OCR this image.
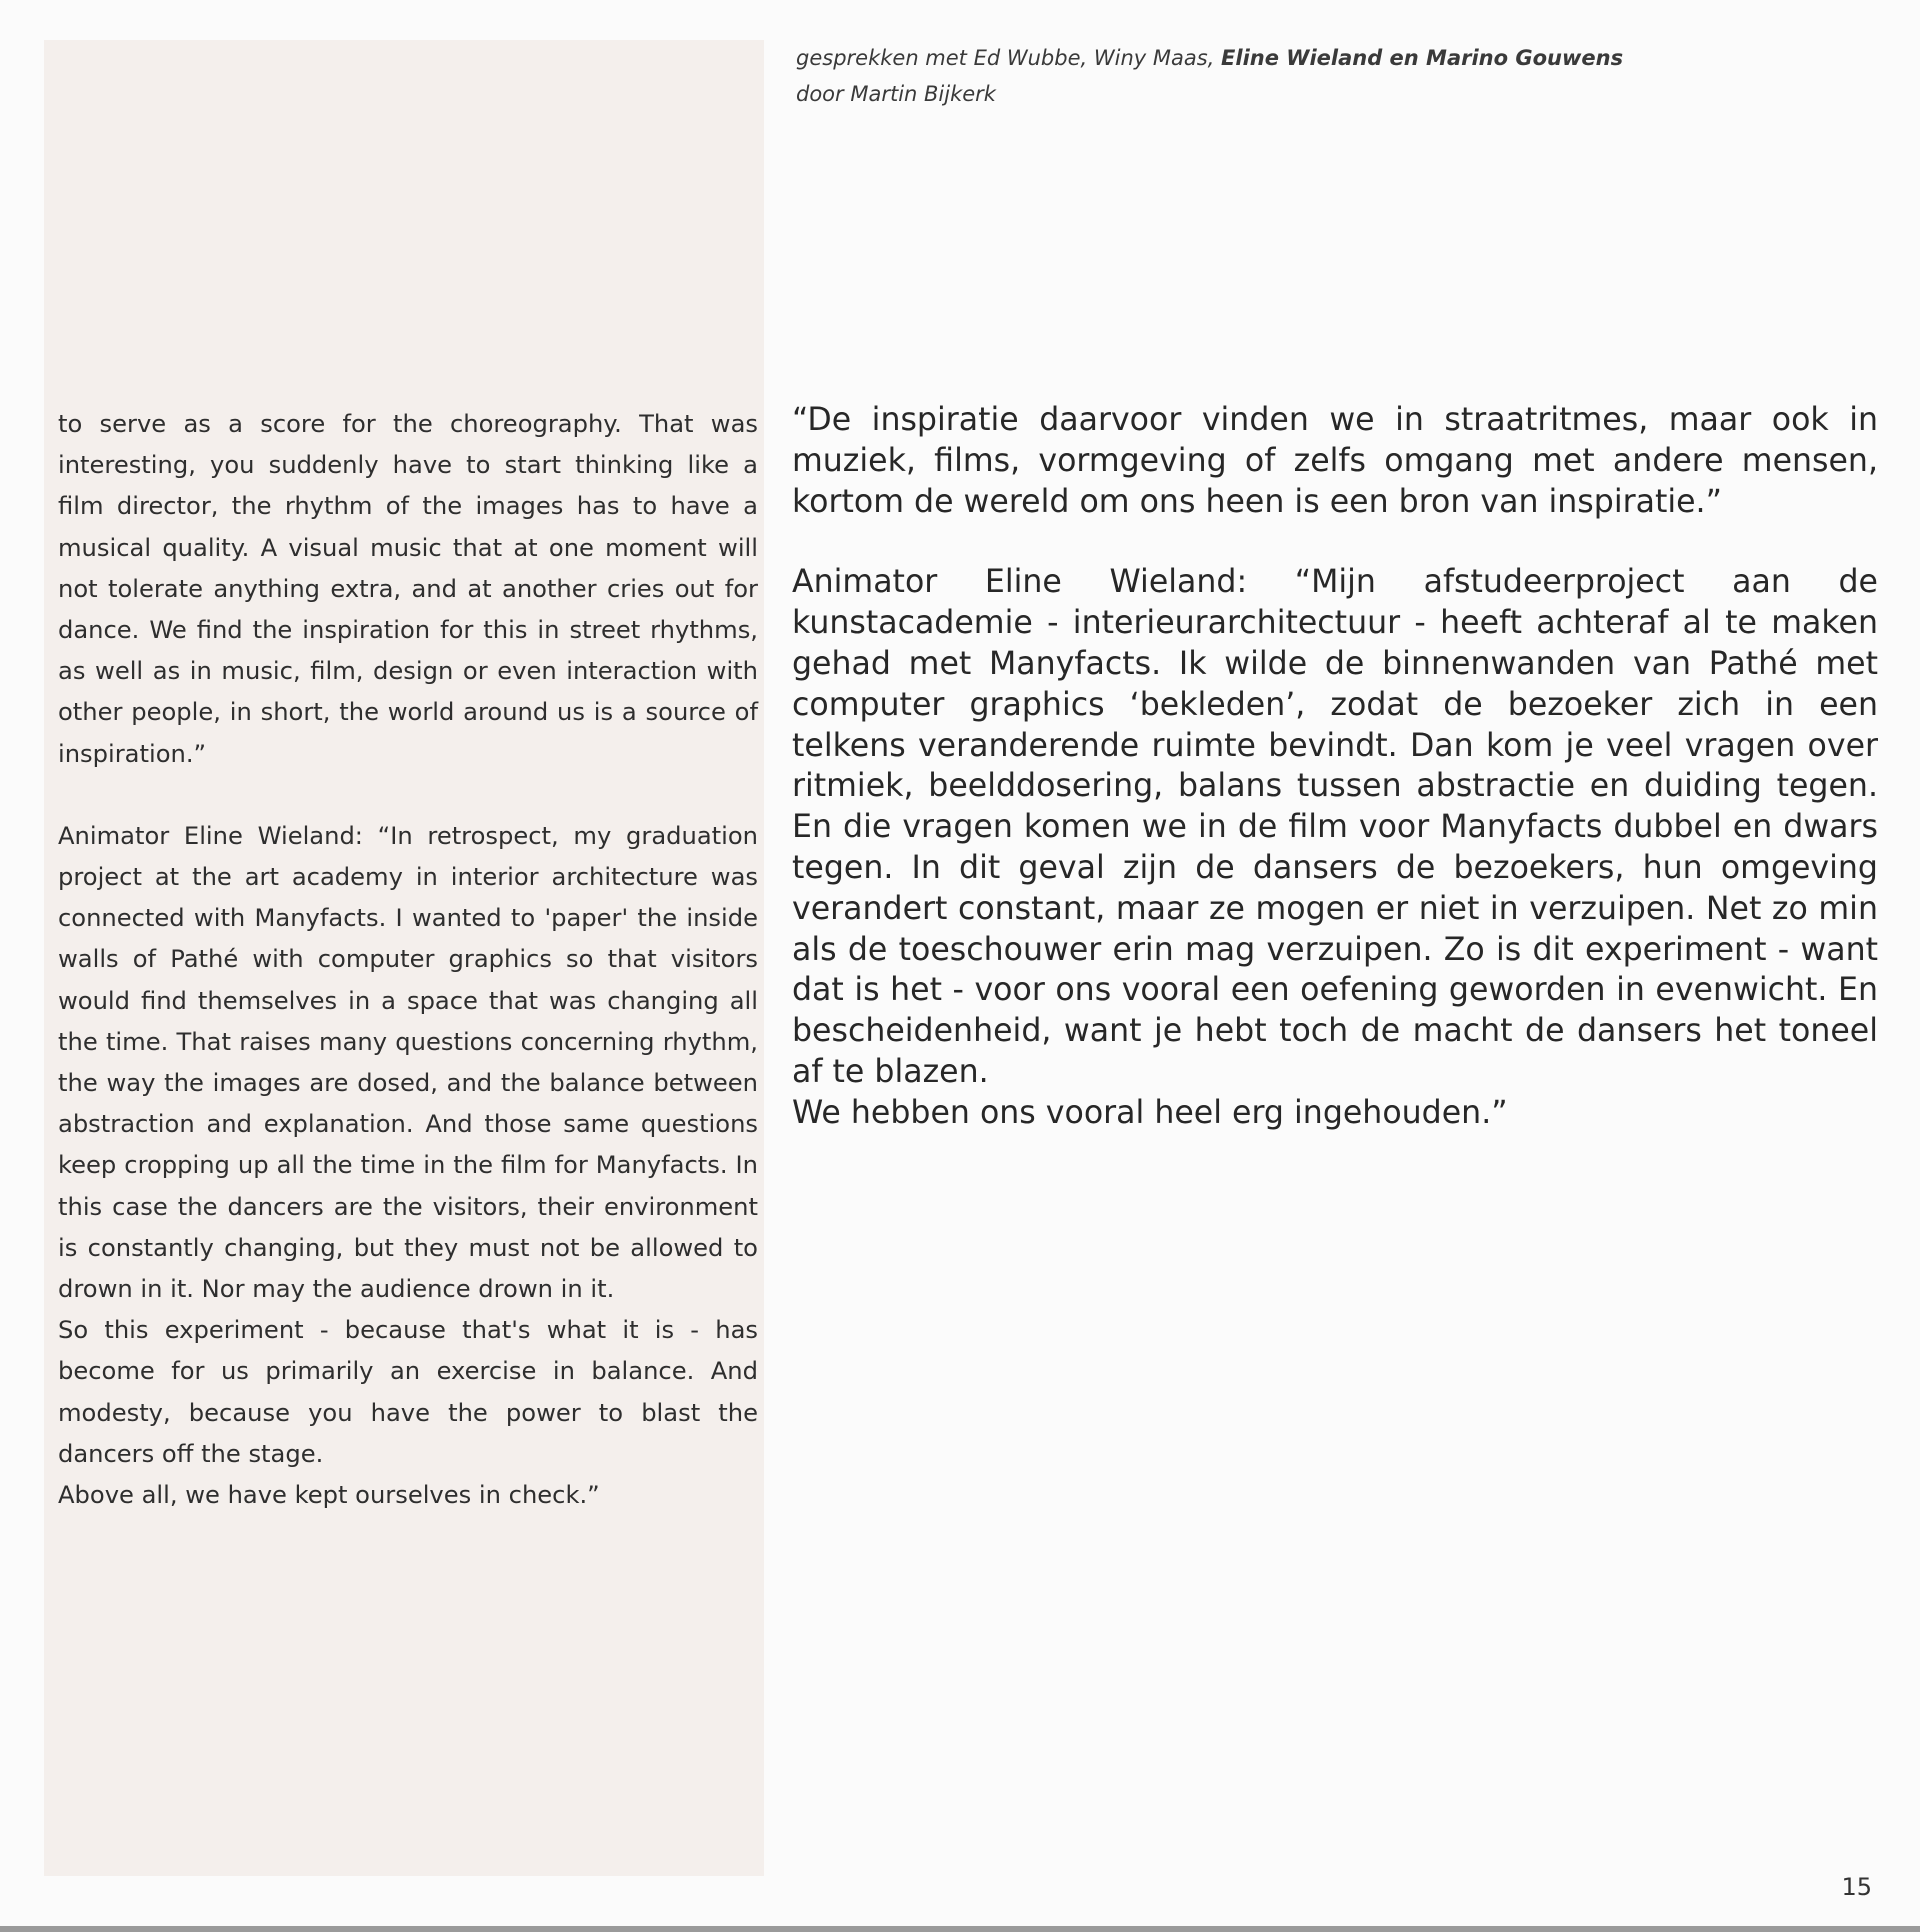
gesprekken met Ed Wubbe, Winy Maas, Eline Wieland en Marino Gouwens
door Martin Bijkerk

to serve as a score for the choreography. That was interesting, you suddenly have to start thinking like a film director, the rhythm of the images has to have a musical quality. A visual music that at one moment will not tolerate anything extra, and at another cries out for dance. We find the inspiration for this in street rhythms, as well as in music, film, design or even interaction with other people, in short, the world around us is a source of inspiration.”

Animator Eline Wieland: “In retrospect, my graduation project at the art academy in interior architecture was connected with Manyfacts. I wanted to 'paper' the inside walls of Pathé with computer graphics so that visitors would find themselves in a space that was changing all the time. That raises many questions concerning rhythm, the way the images are dosed, and the balance between abstraction and explanation. And those same questions keep cropping up all the time in the film for Manyfacts. In this case the dancers are the visitors, their environment is constantly changing, but they must not be allowed to drown in it. Nor may the audience drown in it.

So this experiment - because that's what it is - has become for us primarily an exercise in balance. And modesty, because you have the power to blast the dancers off the stage.

Above all, we have kept ourselves in check.”

“De inspiratie daarvoor vinden we in straatritmes, maar ook in muziek, films, vormgeving of zelfs omgang met andere mensen, kortom de wereld om ons heen is een bron van inspiratie.”

Animator Eline Wieland: “Mijn afstudeerproject aan de kunstacademie - interieurarchitectuur - heeft achteraf al te maken gehad met Manyfacts. Ik wilde de binnenwanden van Pathé met computer graphics ‘bekleden’, zodat de bezoeker zich in een telkens veranderende ruimte bevindt. Dan kom je veel vragen over ritmiek, beelddosering, balans tussen abstractie en duiding tegen. En die vragen komen we in de film voor Manyfacts dubbel en dwars tegen. In dit geval zijn de dansers de bezoekers, hun omgeving verandert constant, maar ze mogen er niet in verzuipen. Net zo min als de toeschouwer erin mag verzuipen. Zo is dit experiment - want dat is het - voor ons vooral een oefening geworden in evenwicht. En bescheidenheid, want je hebt toch de macht de dansers het toneel af te blazen.

We hebben ons vooral heel erg ingehouden.”

15
